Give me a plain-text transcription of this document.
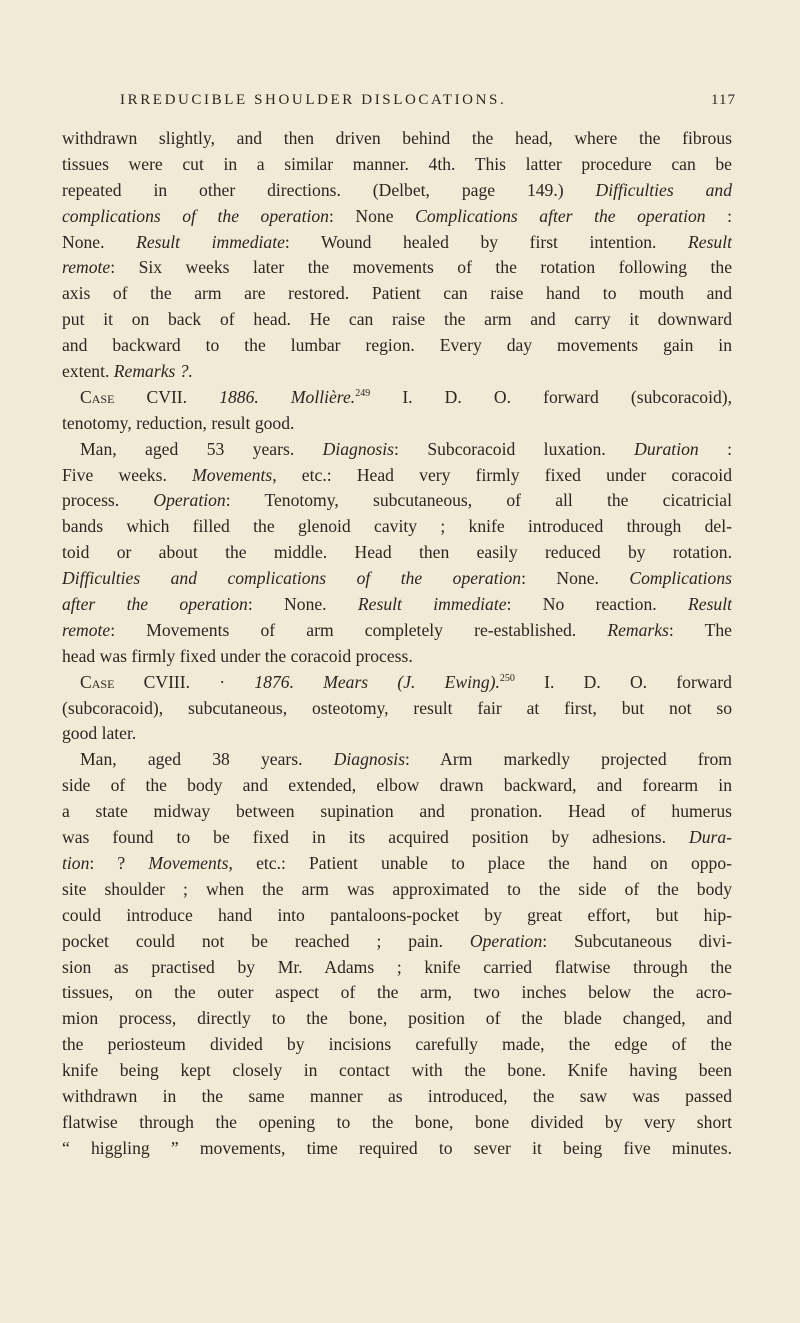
IRREDUCIBLE SHOULDER DISLOCATIONS.	117
withdrawn slightly, and then driven behind the head, where the fibrous
tissues were cut in a similar manner. 4th. This latter procedure can be
repeated in other directions. (Delbet, page 149.) Difficulties and
complications of the operation: None Complications after the operation :
None. Result immediate: Wound healed by first intention. Result
remote: Six weeks later the movements of the rotation following the
axis of the arm are restored. Patient can raise hand to mouth and
put it on back of head. He can raise the arm and carry it downward
and backward to the lumbar region. Every day movements gain in
extent. Remarks ?.
Case CVII. 1886. Mollière.$^{249}$ I. D. O. forward (subcoracoid),
tenotomy, reduction, result good.
Man, aged 53 years. Diagnosis: Subcoracoid luxation. Duration :
Five weeks. Movements, etc.: Head very firmly fixed under coracoid
process. Operation: Tenotomy, subcutaneous, of all the cicatricial
bands which filled the glenoid cavity ; knife introduced through del-
toid or about the middle. Head then easily reduced by rotation.
Difficulties and complications of the operation: None. Complications
after the operation: None. Result immediate: No reaction. Result
remote: Movements of arm completely re-established. Remarks: The
head was firmly fixed under the coracoid process.
Case CVIII. · 1876. Mears (J. Ewing).$^{250}$ I. D. O. forward
(subcoracoid), subcutaneous, osteotomy, result fair at first, but not so
good later.
Man, aged 38 years. Diagnosis: Arm markedly projected from
side of the body and extended, elbow drawn backward, and forearm in
a state midway between supination and pronation. Head of humerus
was found to be fixed in its acquired position by adhesions. Dura-
tion: ? Movements, etc.: Patient unable to place the hand on oppo-
site shoulder ; when the arm was approximated to the side of the body
could introduce hand into pantaloons-pocket by great effort, but hip-
pocket could not be reached ; pain. Operation: Subcutaneous divi-
sion as practised by Mr. Adams ; knife carried flatwise through the
tissues, on the outer aspect of the arm, two inches below the acro-
mion process, directly to the bone, position of the blade changed, and
the periosteum divided by incisions carefully made, the edge of the
knife being kept closely in contact with the bone. Knife having been
withdrawn in the same manner as introduced, the saw was passed
flatwise through the opening to the bone, bone divided by very short
“ higgling ” movements, time required to sever it being five minutes.
